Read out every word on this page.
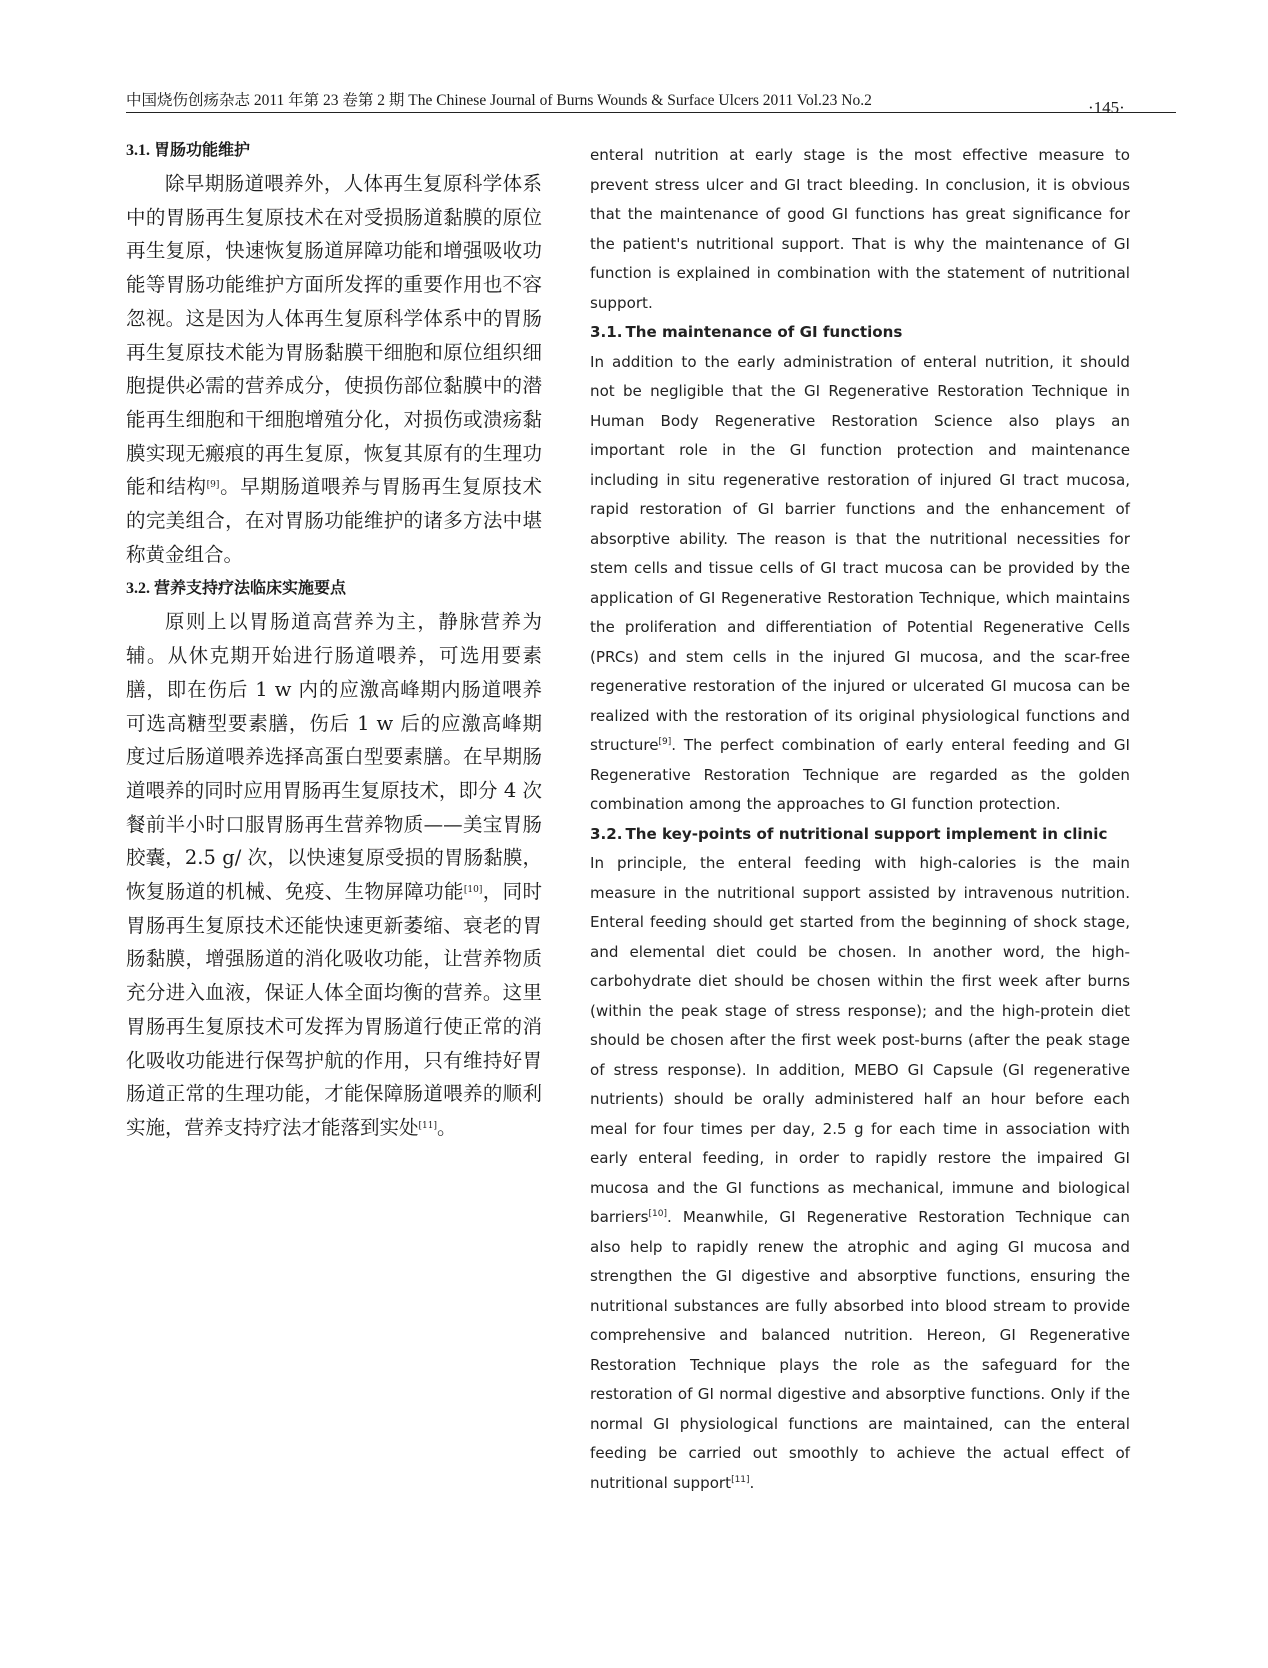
中国烧伤创疡杂志 2011 年第 23 卷第 2 期 The Chinese Journal of Burns Wounds & Surface Ulcers 2011 Vol.23 No.2	·145·
3.1. 胃肠功能维护

除早期肠道喂养外，人体再生复原科学体系中的胃肠再生复原技术在对受损肠道黏膜的原位再生复原，快速恢复肠道屏障功能和增强吸收功能等胃肠功能维护方面所发挥的重要作用也不容忽视。这是因为人体再生复原科学体系中的胃肠再生复原技术能为胃肠黏膜干细胞和原位组织细胞提供必需的营养成分，使损伤部位黏膜中的潜能再生细胞和干细胞增殖分化，对损伤或溃疡黏膜实现无瘢痕的再生复原，恢复其原有的生理功能和结构[9]。早期肠道喂养与胃肠再生复原技术的完美组合，在对胃肠功能维护的诸多方法中堪称黄金组合。

3.2. 营养支持疗法临床实施要点

原则上以胃肠道高营养为主，静脉营养为辅。从休克期开始进行肠道喂养，可选用要素膳，即在伤后 1 w 内的应激高峰期内肠道喂养可选高糖型要素膳，伤后 1 w 后的应激高峰期度过后肠道喂养选择高蛋白型要素膳。在早期肠道喂养的同时应用胃肠再生复原技术，即分 4 次餐前半小时口服胃肠再生营养物质——美宝胃肠胶囊，2.5 g/ 次，以快速复原受损的胃肠黏膜，恢复肠道的机械、免疫、生物屏障功能[10]，同时胃肠再生复原技术还能快速更新萎缩、衰老的胃肠黏膜，增强肠道的消化吸收功能，让营养物质充分进入血液，保证人体全面均衡的营养。这里胃肠再生复原技术可发挥为胃肠道行使正常的消化吸收功能进行保驾护航的作用，只有维持好胃肠道正常的生理功能，才能保障肠道喂养的顺利实施，营养支持疗法才能落到实处[11]。

enteral nutrition at early stage is the most effective measure to prevent stress ulcer and GI tract bleeding. In conclusion, it is obvious that the maintenance of good GI functions has great significance for the patient's nutritional support. That is why the maintenance of GI function is explained in combination with the statement of nutritional support.

3.1. The maintenance of GI functions

In addition to the early administration of enteral nutrition, it should not be negligible that the GI Regenerative Restoration Technique in Human Body Regenerative Restoration Science also plays an important role in the GI function protection and maintenance including in situ regenerative restoration of injured GI tract mucosa, rapid restoration of GI barrier functions and the enhancement of absorptive ability. The reason is that the nutritional necessities for stem cells and tissue cells of GI tract mucosa can be provided by the application of GI Regenerative Restoration Technique, which maintains the proliferation and differentiation of Potential Regenerative Cells (PRCs) and stem cells in the injured GI mucosa, and the scar-free regenerative restoration of the injured or ulcerated GI mucosa can be realized with the restoration of its original physiological functions and structure[9]. The perfect combination of early enteral feeding and GI Regenerative Restoration Technique are regarded as the golden combination among the approaches to GI function protection.

3.2. The key-points of nutritional support implement in clinic

In principle, the enteral feeding with high-calories is the main measure in the nutritional support assisted by intravenous nutrition. Enteral feeding should get started from the beginning of shock stage, and elemental diet could be chosen. In another word, the high-carbohydrate diet should be chosen within the first week after burns (within the peak stage of stress response); and the high-protein diet should be chosen after the first week post-burns (after the peak stage of stress response). In addition, MEBO GI Capsule (GI regenerative nutrients) should be orally administered half an hour before each meal for four times per day, 2.5 g for each time in association with early enteral feeding, in order to rapidly restore the impaired GI mucosa and the GI functions as mechanical, immune and biological barriers[10]. Meanwhile, GI Regenerative Restoration Technique can also help to rapidly renew the atrophic and aging GI mucosa and strengthen the GI digestive and absorptive functions, ensuring the nutritional substances are fully absorbed into blood stream to provide comprehensive and balanced nutrition. Hereon, GI Regenerative Restoration Technique plays the role as the safeguard for the restoration of GI normal digestive and absorptive functions. Only if the normal GI physiological functions are maintained, can the enteral feeding be carried out smoothly to achieve the actual effect of nutritional support[11].
